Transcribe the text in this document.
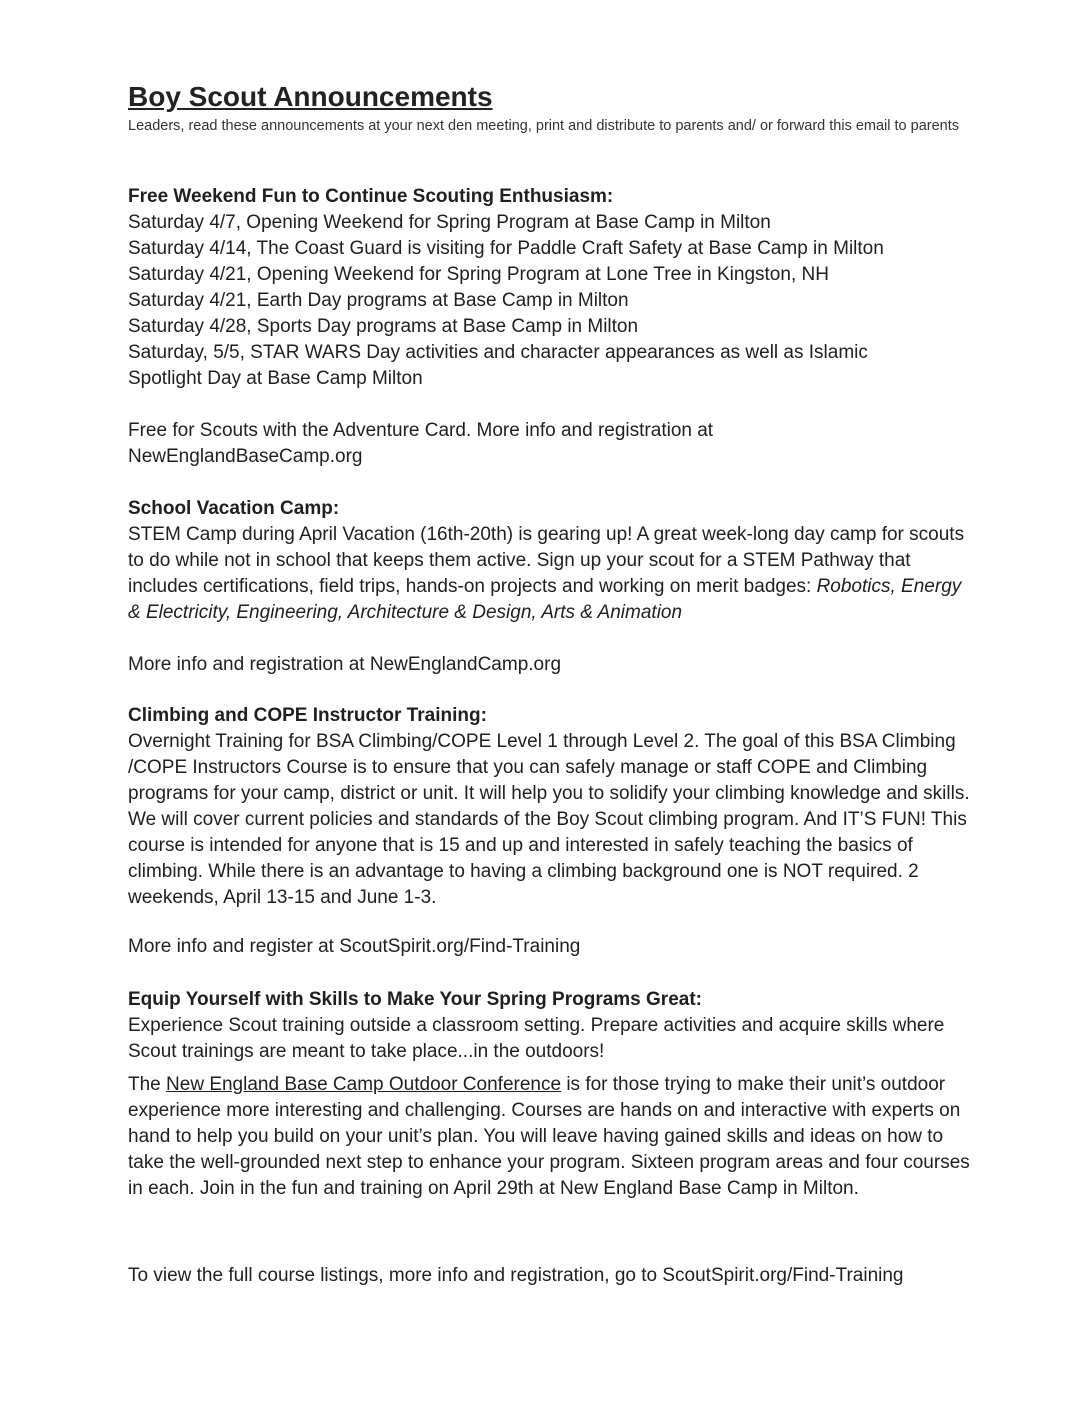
Boy Scout Announcements

Leaders, read these announcements at your next den meeting, print and distribute to parents and/ or forward this email to parents

Free Weekend Fun to Continue Scouting Enthusiasm:
Saturday 4/7, Opening Weekend for Spring Program at Base Camp in Milton
Saturday 4/14, The Coast Guard is visiting for Paddle Craft Safety at Base Camp in Milton
Saturday 4/21, Opening Weekend for Spring Program at Lone Tree in Kingston, NH
Saturday 4/21, Earth Day programs at Base Camp in Milton
Saturday 4/28, Sports Day programs at Base Camp in Milton
Saturday, 5/5, STAR WARS Day activities and character appearances as well as Islamic
Spotlight Day at Base Camp Milton
Free for Scouts with the Adventure Card. More info and registration at
NewEnglandBaseCamp.org
School Vacation Camp:

STEM Camp during April Vacation (16th-20th) is gearing up! A great week-long day camp for scouts to do while not in school that keeps them active. Sign up your scout for a STEM Pathway that includes certifications, field trips, hands-on projects and working on merit badges: Robotics, Energy & Electricity, Engineering, Architecture & Design, Arts & Animation

More info and registration at NewEnglandCamp.org
Climbing and COPE Instructor Training:

Overnight Training for BSA Climbing/COPE Level 1 through Level 2. The goal of this BSA Climbing /COPE Instructors Course is to ensure that you can safely manage or staff COPE and Climbing programs for your camp, district or unit. It will help you to solidify your climbing knowledge and skills. We will cover current policies and standards of the Boy Scout climbing program. And IT’S FUN! This course is intended for anyone that is 15 and up and interested in safely teaching the basics of climbing. While there is an advantage to having a climbing background one is NOT required. 2 weekends, April 13-15 and June 1-3.

More info and register at ScoutSpirit.org/Find-Training
Equip Yourself with Skills to Make Your Spring Programs Great:

Experience Scout training outside a classroom setting. Prepare activities and acquire skills where Scout trainings are meant to take place...in the outdoors!

The New England Base Camp Outdoor Conference is for those trying to make their unit’s outdoor experience more interesting and challenging. Courses are hands on and interactive with experts on hand to help you build on your unit’s plan. You will leave having gained skills and ideas on how to take the well-grounded next step to enhance your program. Sixteen program areas and four courses in each. Join in the fun and training on April 29th at New England Base Camp in Milton.

To view the full course listings, more info and registration, go to ScoutSpirit.org/Find-Training
